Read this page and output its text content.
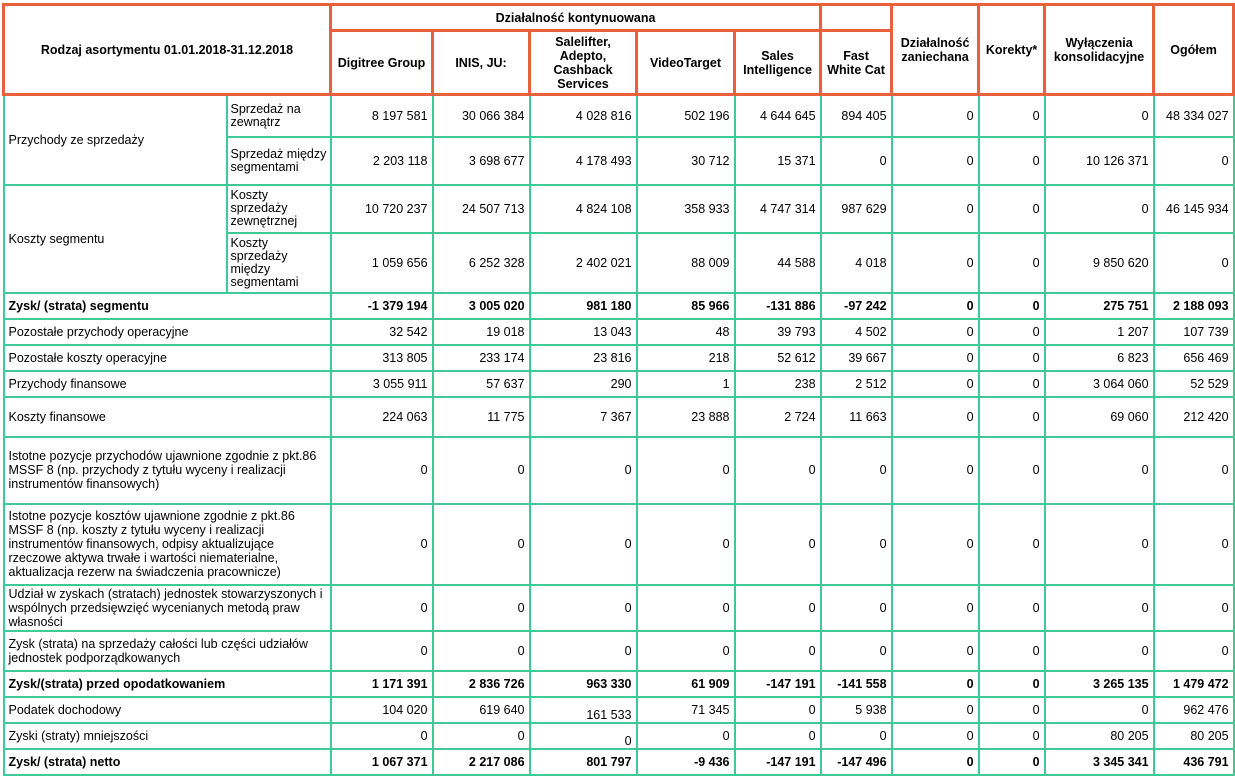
Rodzaj asortymentu 01.01.2018-31.12.2018		Działalność kontynuowana						Działalność zaniechana	Korekty*	Wyłączenia konsolidacyjne	Ogółem
		Digitree Group	INIS, JU:	Salelifter, Adepto, Cashback Services	VideoTarget	Sales Intelligence	Fast White Cat				
Przychody ze sprzedaży	Sprzedaż na zewnątrz	8 197 581	30 066 384	4 028 816	502 196	4 644 645	894 405	0	0	0	48 334 027
	Sprzedaż między segmentami	2 203 118	3 698 677	4 178 493	30 712	15 371	0	0	0	10 126 371	0
Koszty segmentu	Koszty sprzedaży zewnętrznej	10 720 237	24 507 713	4 824 108	358 933	4 747 314	987 629	0	0	0	46 145 934
	Koszty sprzedaży między segmentami	1 059 656	6 252 328	2 402 021	88 009	44 588	4 018	0	0	9 850 620	0
Zysk/ (strata) segmentu		-1 379 194	3 005 020	981 180	85 966	-131 886	-97 242	0	0	275 751	2 188 093
Pozostałe przychody operacyjne		32 542	19 018	13 043	48	39 793	4 502	0	0	1 207	107 739
Pozostałe koszty operacyjne		313 805	233 174	23 816	218	52 612	39 667	0	0	6 823	656 469
Przychody finansowe		3 055 911	57 637	290	1	238	2 512	0	0	3 064 060	52 529
Koszty finansowe		224 063	11 775	7 367	23 888	2 724	11 663	0	0	69 060	212 420
Istotne pozycje przychodów ujawnione zgodnie z pkt.86 MSSF 8 (np. przychody z tytułu wyceny i realizacji instrumentów finansowych)		0	0	0	0	0	0	0	0	0	0
Istotne pozycje kosztów ujawnione zgodnie z pkt.86 MSSF 8 (np. koszty z tytułu wyceny i realizacji instrumentów finansowych, odpisy aktualizujące rzeczowe aktywa trwałe i wartości niematerialne, aktualizacja rezerw na świadczenia pracownicze)		0	0	0	0	0	0	0	0	0	0
Udział w zyskach (stratach) jednostek stowarzyszonych i wspólnych przedsięwzięć wycenianych metodą praw własności		0	0	0	0	0	0	0	0	0	0
Zysk (strata) na sprzedaży całości lub części udziałów jednostek podporządkowanych		0	0	0	0	0	0	0	0	0	0
Zysk/(strata) przed opodatkowaniem		1 171 391	2 836 726	963 330	61 909	-147 191	-141 558	0	0	3 265 135	1 479 472
Podatek dochodowy		104 020	619 640	161 533	71 345	0	5 938	0	0	0	962 476
Zyski (straty) mniejszości		0	0	0	0	0	0	0	0	80 205	80 205
Zysk/ (strata) netto		1 067 371	2 217 086	801 797	-9 436	-147 191	-147 496	0	0	3 345 341	436 791
